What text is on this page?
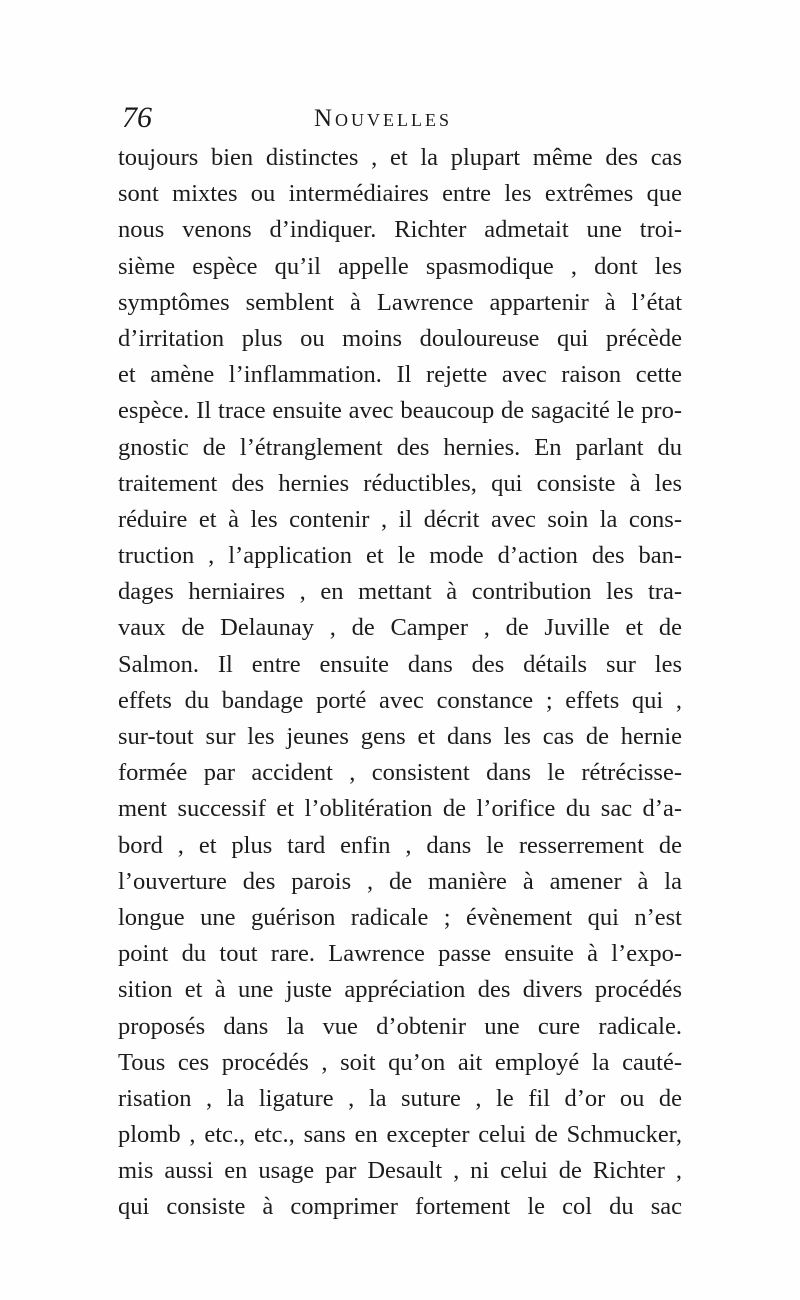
76	Nouvelles
toujours bien distinctes , et la plupart même des cas
sont mixtes ou intermédiaires entre les extrêmes que
nous venons d’indiquer. Richter admetait une troi-
sième espèce qu’il appelle spasmodique , dont les
symptômes semblent à Lawrence appartenir à l’état
d’irritation plus ou moins douloureuse qui précède
et amène l’inflammation. Il rejette avec raison cette
espèce. Il trace ensuite avec beaucoup de sagacité le pro-
gnostic de l’étranglement des hernies. En parlant du
traitement des hernies réductibles, qui consiste à les
réduire et à les contenir , il décrit avec soin la cons-
truction , l’application et le mode d’action des ban-
dages herniaires , en mettant à contribution les tra-
vaux de Delaunay , de Camper , de Juville et de
Salmon. Il entre ensuite dans des détails sur les
effets du bandage porté avec constance ; effets qui ,
sur-tout sur les jeunes gens et dans les cas de hernie
formée par accident , consistent dans le rétrécisse-
ment successif et l’oblitération de l’orifice du sac d’a-
bord , et plus tard enfin , dans le resserrement de
l’ouverture des parois , de manière à amener à la
longue une guérison radicale ; évènement qui n’est
point du tout rare. Lawrence passe ensuite à l’expo-
sition et à une juste appréciation des divers procédés
proposés dans la vue d’obtenir une cure radicale.
Tous ces procédés , soit qu’on ait employé la cauté-
risation , la ligature , la suture , le fil d’or ou de
plomb , etc., etc., sans en excepter celui de Schmucker,
mis aussi en usage par Desault , ni celui de Richter ,
qui consiste à comprimer fortement le col du sac
